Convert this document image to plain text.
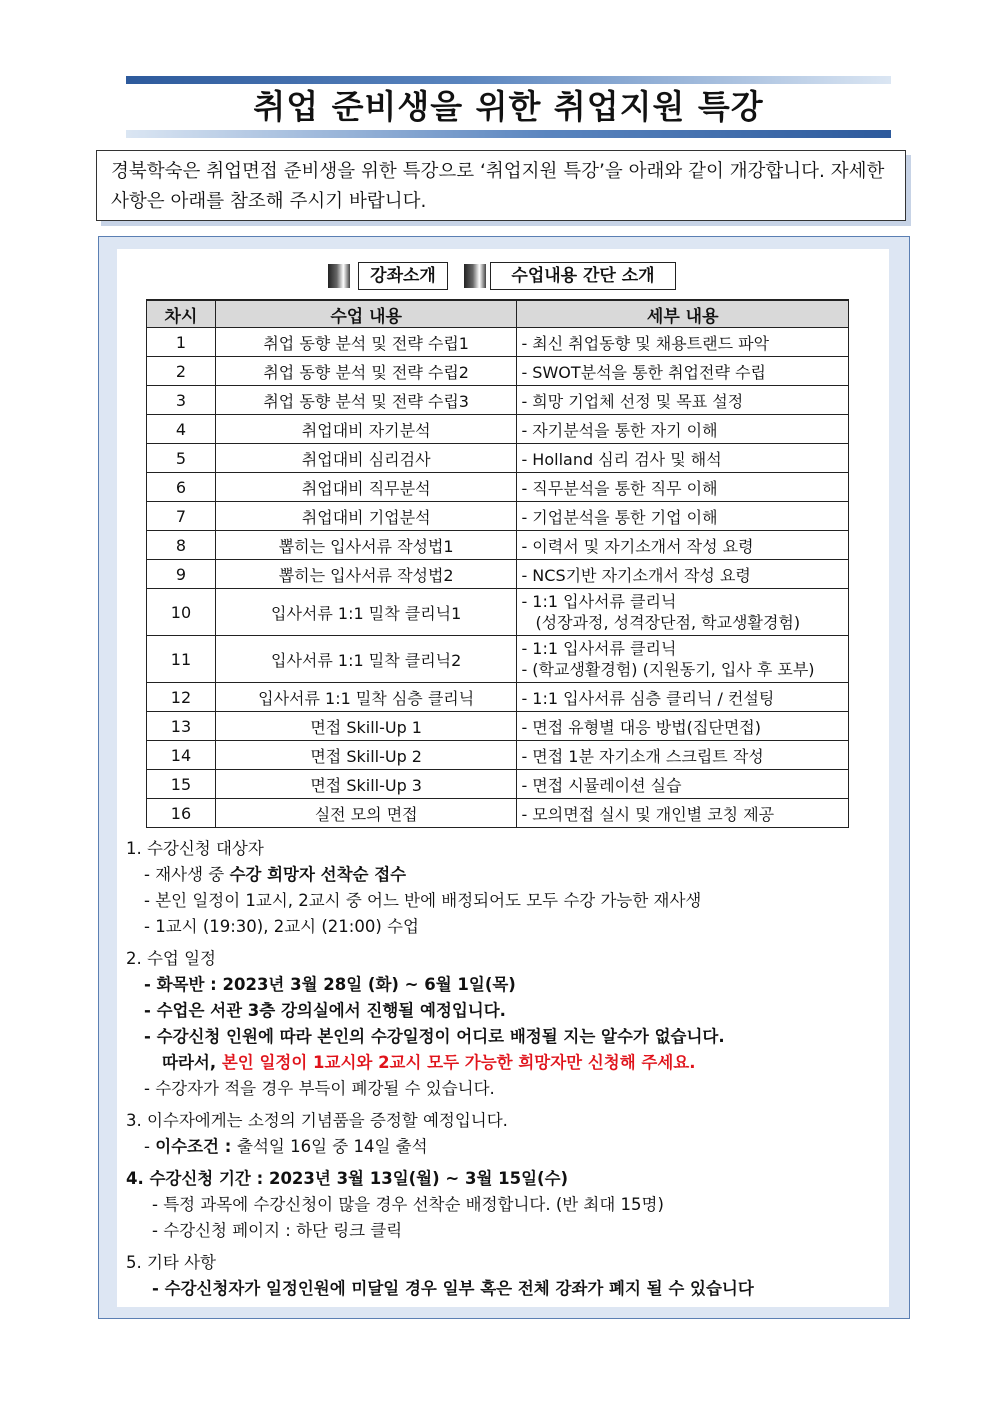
취업 준비생을 위한 취업지원 특강
경북학숙은 취업면접 준비생을 위한 특강으로 ‘취업지원 특강’을 아래와 같이 개강합니다. 자세한 사항은 아래를 참조해 주시기 바랍니다.
강좌소개	수업내용 간단 소개
차시	수업 내용	세부 내용
1	취업 동향 분석 및 전략 수립1	- 최신 취업동향 및 채용트랜드 파악
2	취업 동향 분석 및 전략 수립2	- SWOT분석을 통한 취업전략 수립
3	취업 동향 분석 및 전략 수립3	- 희망 기업체 선정 및 목표 설정
4	취업대비 자기분석	- 자기분석을 통한 자기 이해
5	취업대비 심리검사	- Holland 심리 검사 및 해석
6	취업대비 직무분석	- 직무분석을 통한 직무 이해
7	취업대비 기업분석	- 기업분석을 통한 기업 이해
8	뽑히는 입사서류 작성법1	- 이력서 및 자기소개서 작성 요령
9	뽑히는 입사서류 작성법2	- NCS기반 자기소개서 작성 요령
10	입사서류 1:1 밀착 클리닉1	- 1:1 입사서류 클리닉
(성장과정, 성격장단점, 학교생활경험)

11	입사서류 1:1 밀착 클리닉2	- 1:1 입사서류 클리닉
- (학교생활경험) (지원동기, 입사 후 포부)

12	입사서류 1:1 밀착 심층 클리닉	- 1:1 입사서류 심층 클리닉 / 컨설팅
13	면접 Skill-Up 1	- 면접 유형별 대응 방법(집단면접)
14	면접 Skill-Up 2	- 면접 1분 자기소개 스크립트 작성
15	면접 Skill-Up 3	- 면접 시뮬레이션 실습
16	실전 모의 면접	- 모의면접 실시 및 개인별 코칭 제공

1. 수강신청 대상자

- 재사생 중 수강 희망자 선착순 접수

- 본인 일정이 1교시, 2교시 중 어느 반에 배정되어도 모두 수강 가능한 재사생

- 1교시 (19:30), 2교시 (21:00) 수업

2. 수업 일정

- 화목반 : 2023년 3월 28일 (화) ~ 6월 1일(목)

- 수업은 서관 3층 강의실에서 진행될 예정입니다.

- 수강신청 인원에 따라 본인의 수강일정이 어디로 배정될 지는 알수가 없습니다.

따라서, 본인 일정이 1교시와 2교시 모두 가능한 희망자만 신청해 주세요.

- 수강자가 적을 경우 부득이 폐강될 수 있습니다.

3. 이수자에게는 소정의 기념품을 증정할 예정입니다.

- 이수조건 : 출석일 16일 중 14일 출석

4. 수강신청 기간 : 2023년 3월 13일(월) ~ 3월 15일(수)

- 특정 과목에 수강신청이 많을 경우 선착순 배정합니다. (반 최대 15명)

- 수강신청 페이지 : 하단 링크 클릭

5. 기타 사항

- 수강신청자가 일정인원에 미달일 경우 일부 혹은 전체 강좌가 폐지 될 수 있습니다
